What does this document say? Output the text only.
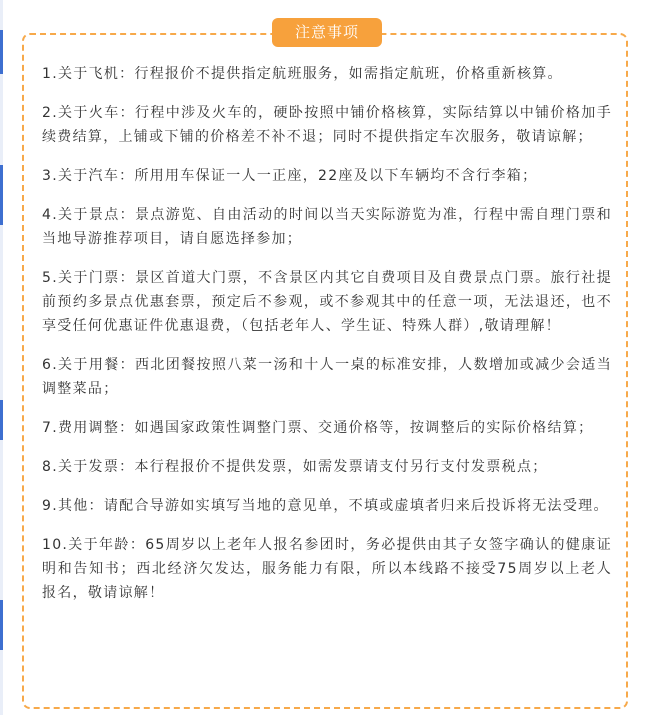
注意事项
1.关于飞机：行程报价不提供指定航班服务，如需指定航班，价格重新核算。
2.关于火车：行程中涉及火车的，硬卧按照中铺价格核算，实际结算以中铺价格加手续费结算，上铺或下铺的价格差不补不退；同时不提供指定车次服务，敬请谅解；
3.关于汽车：所用用车保证一人一正座，22座及以下车辆均不含行李箱；
4.关于景点：景点游览、自由活动的时间以当天实际游览为准，行程中需自理门票和当地导游推荐项目，请自愿选择参加；
5.关于门票：景区首道大门票，不含景区内其它自费项目及自费景点门票。旅行社提前预约多景点优惠套票，预定后不参观，或不参观其中的任意一项，无法退还，也不享受任何优惠证件优惠退费，（包括老年人、学生证、特殊人群）,敬请理解！
6.关于用餐：西北团餐按照八菜一汤和十人一桌的标准安排，人数增加或减少会适当调整菜品；
7.费用调整：如遇国家政策性调整门票、交通价格等，按调整后的实际价格结算；
8.关于发票：本行程报价不提供发票，如需发票请支付另行支付发票税点；
9.其他：请配合导游如实填写当地的意见单，不填或虚填者归来后投诉将无法受理。
10.关于年龄：65周岁以上老年人报名参团时，务必提供由其子女签字确认的健康证明和告知书；西北经济欠发达，服务能力有限，所以本线路不接受75周岁以上老人报名，敬请谅解！
